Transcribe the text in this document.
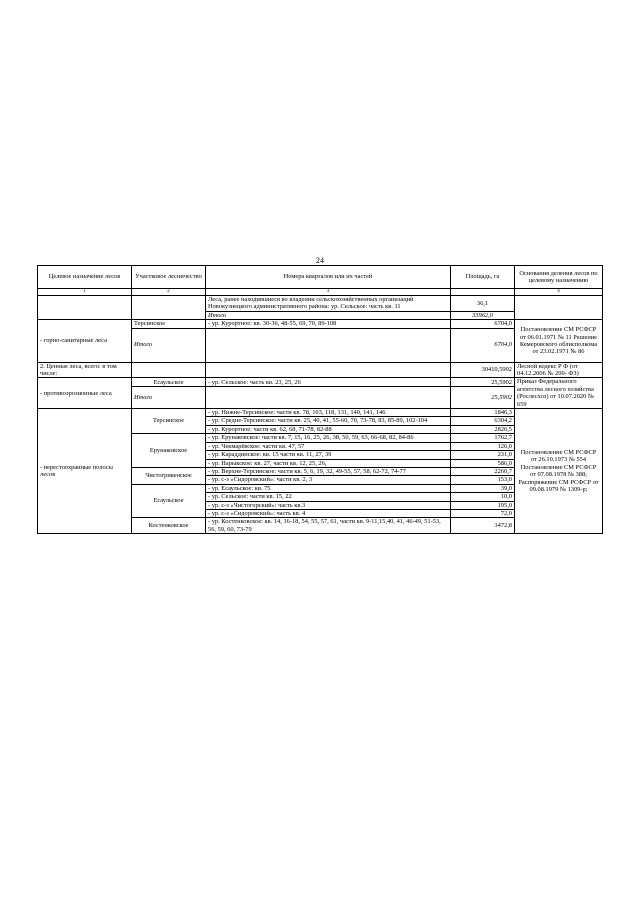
24
Целевое назначение лесов	Участковое лесничество	Номера кварталов или их частей	Площадь, га	Основания деления лесов по целевому назначению
1	2	3		4
		Леса, ранее находившиеся во владении сельскохозяйственных организаций Новокузнецкого административного района: ур. Сельское: часть кв. 11	36,1	
		Итого	33962,0	
- горно-санитарные леса	Терсинское	- ур. Курортное: кв. 30-36, 48-55, 69, 70, 89-108	6704,0	Постановление СМ РСФСР от 06.01.1971 № 11 Решение Кемеровского облисполкома от 23.02.1971 № 86
	Итого		6704,0	
2. Ценные леса, всего: в том числе:			30410,5902	Лесной кодекс Р Ф (от 04.12.2006 № 200- ФЗ)
- противоэрозионные леса	Есаульское	- ур. Сельское: часть кв. 23, 25, 26	25,5902	Приказ Федерального агентства лесного хозяйства (Рослесхоз) от 10.07.2020 № 659
	Итого		25,5902	
- нерестоохранные полосы лесов	Терсинское	- ур. Нижне-Терсинское: части кв. 78, 103, 118, 131, 140, 141, 146	1846,3	Постановление СМ РСФСР от 26.10.1973 № 554 Постановление СМ РСФСР от 07.08.1978 № 388; Распоряжение СМ РСФСР от 09.08.1979 № 1309-р;
		- ур. Средне-Терсинское: части кв. 25, 40, 41, 55-60, 70, 73-78, 83, 85-89, 102-104	6304,2	
		- ур. Курортное: части кв. 62, 68, 71-78, 82-88	2826,5	
	Ерунаковское	- ур. Ерунаковское: части кв. 7, 15, 16, 25, 26, 38, 50, 59, 63, 66-68, 82, 84-86	1762,7	
		- ур. Чекмарёвское: части кв. 47, 57	126,0	
		- ур. Караддинское: кв. 15 части кв. 11, 27, 39	231,0	
		- ур. Нарыкское: кв. 27, части кв. 12, 25, 26,	586,0	
	Чистогривенское	- ур. Верхне-Терсинское: части кв. 5, 6, 19, 32, 49-55, 57, 58, 62-72, 74-77	2260,7	
		- ур. с-з «Сидоровский»: части кв. 2, 3	153,0	
	Есаульское	- ур. Есаульское: кв. 75	39,0	
		- ур. Сельское: части кв. 15, 22	10,0	
		- ур. с-з «Чистогорский»: часть кв.3	195,0	
		- ур. с-з «Сидоровский»: часть кв. 4	72,0	
	Костенковское	- ур. Костенковское: кв. 14, 16-18, 54, 55, 57, 61, части кв. 9-11,15,40, 41, 46-49, 51-53, 56, 59, 60, 73-79	3472,8	
